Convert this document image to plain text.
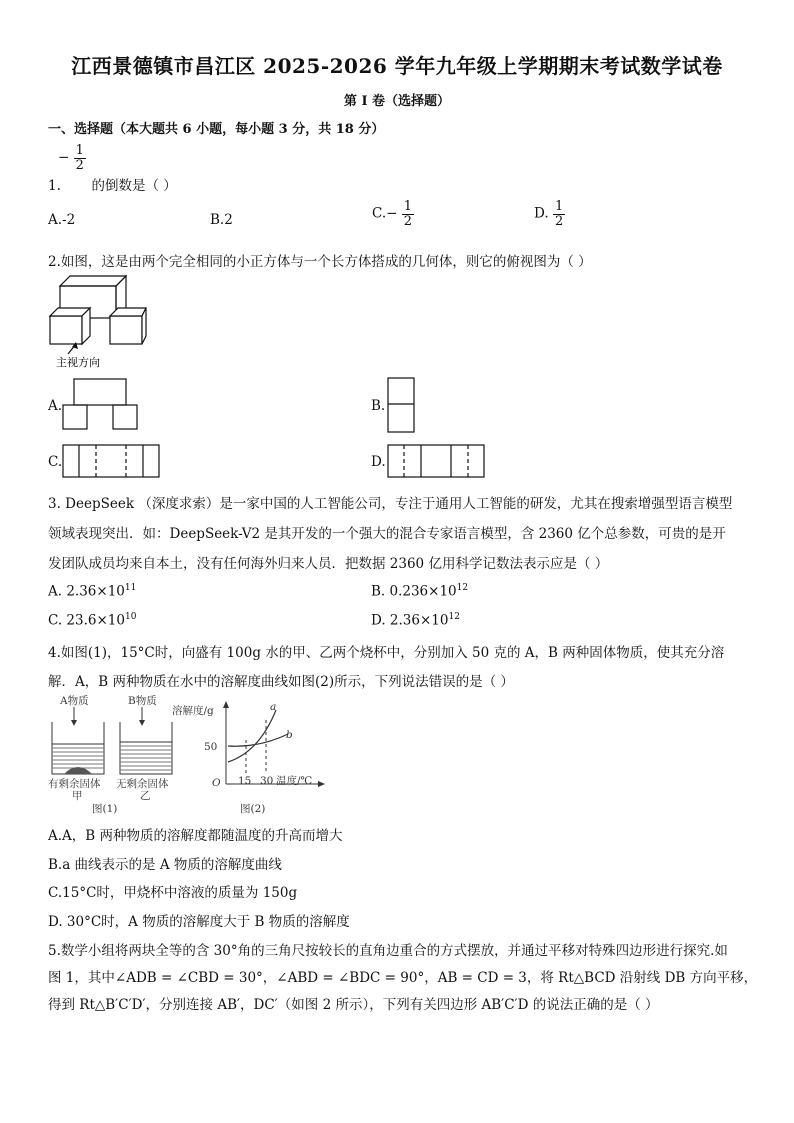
江西景德镇市昌江区 2025-2026 学年九年级上学期期末考试数学试卷
第 I 卷（选择题）
一、选择题（本大题共 6 小题，每小题 3 分，共 18 分）
− $\frac{1}{2}$
1. 的倒数是（ ）
A.-2	B.2	$C.- \frac{1}{2}$	D. $\frac{1}{2}$
2.如图，这是由两个完全相同的小正方体与一个长方体搭成的几何体，则它的俯视图为（ ）
主视方向
A.	B.
C.	D.
3. DeepSeek （深度求索）是一家中国的人工智能公司，专注于通用人工智能的研发，尤其在搜索增强型语言模型
领域表现突出．如：DeepSeek-V2 是其开发的一个强大的混合专家语言模型，含 2360 亿个总参数，可贵的是开
发团队成员均来自本土，没有任何海外归来人员．把数据 2360 亿用科学记数法表示应是（ ）
A. $2.36\times 10^{11}$	B. $0.236\times 10^{12}$
C. $23.6\times 10^{10}$	D. $2.36\times 10^{12}$
4.如图(1)，15°C时，向盛有 100g 水的甲、乙两个烧杯中，分别加入 50 克的 A，B 两种固体物质，使其充分溶
解．A，B 两种物质在水中的溶解度曲线如图(2)所示，下列说法错误的是（ ）
A物质
有剩余固体
甲
图(1)
B物质
无剩余固体
乙
溶解度/g
O
50
15 30 温度/℃
a
b
图(2)
A.A，B 两种物质的溶解度都随温度的升高而增大
B.a 曲线表示的是 A 物质的溶解度曲线
C.15°C时，甲烧杯中溶液的质量为 150g
D. 30°C时，A 物质的溶解度大于 B 物质的溶解度
5.数学小组将两块全等的含 30°角的三角尺按较长的直角边重合的方式摆放，并通过平移对特殊四边形进行探究.如
图 1，其中∠ADB = ∠CBD = 30°，∠ABD = ∠BDC = 90°，AB = CD = 3，将 Rt△BCD 沿射线 DB 方向平移，
得到 Rt△B′C′D′，分别连接 AB′，DC′（如图 2 所示），下列有关四边形 AB′C′D 的说法正确的是（ ）
